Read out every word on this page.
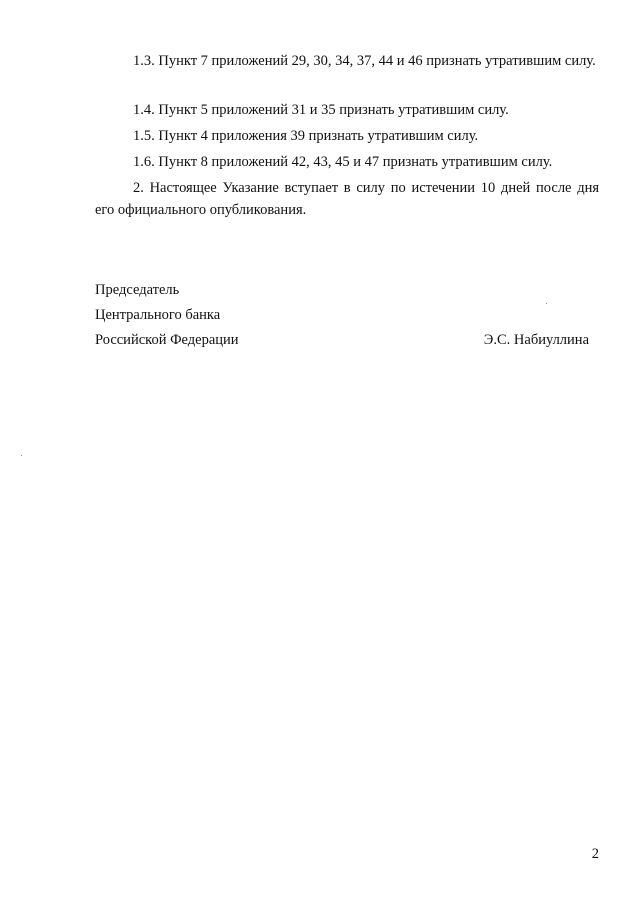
1.3. Пункт 7 приложений 29, 30, 34, 37, 44 и 46 признать утратившим силу.

1.4. Пункт 5 приложений 31 и 35 признать утратившим силу.

1.5. Пункт 4 приложения 39 признать утратившим силу.

1.6. Пункт 8 приложений 42, 43, 45 и 47 признать утратившим силу.

2. Настоящее Указание вступает в силу по истечении 10 дней после дня его официального опубликования.

Председатель

Центрального банка

Российской Федерации	Э.С. Набиуллина

2
